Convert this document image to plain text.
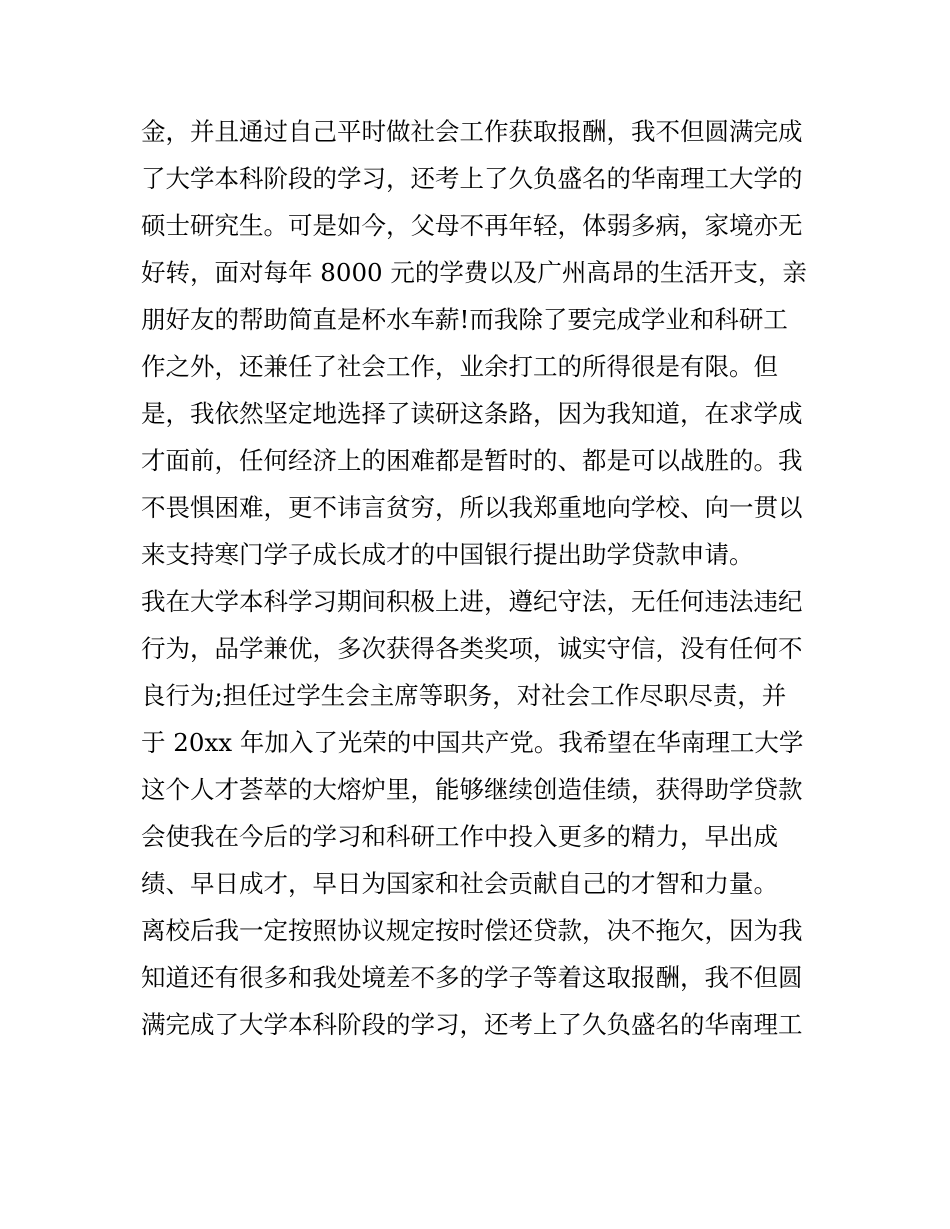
金，并且通过自己平时做社会工作获取报酬，我不但圆满完成
了大学本科阶段的学习，还考上了久负盛名的华南理工大学的
硕士研究生。可是如今，父母不再年轻，体弱多病，家境亦无
好转，面对每年 8000 元的学费以及广州高昂的生活开支，亲
朋好友的帮助简直是杯水车薪!而我除了要完成学业和科研工
作之外，还兼任了社会工作，业余打工的所得很是有限。但
是，我依然坚定地选择了读研这条路，因为我知道，在求学成
才面前，任何经济上的困难都是暂时的、都是可以战胜的。我
不畏惧困难，更不讳言贫穷，所以我郑重地向学校、向一贯以
来支持寒门学子成长成才的中国银行提出助学贷款申请。
我在大学本科学习期间积极上进，遵纪守法，无任何违法违纪
行为，品学兼优，多次获得各类奖项，诚实守信，没有任何不
良行为;担任过学生会主席等职务，对社会工作尽职尽责，并
于 20xx 年加入了光荣的中国共产党。我希望在华南理工大学
这个人才荟萃的大熔炉里，能够继续创造佳绩，获得助学贷款
会使我在今后的学习和科研工作中投入更多的精力，早出成
绩、早日成才，早日为国家和社会贡献自己的才智和力量。
离校后我一定按照协议规定按时偿还贷款，决不拖欠，因为我
知道还有很多和我处境差不多的学子等着这取报酬，我不但圆
满完成了大学本科阶段的学习，还考上了久负盛名的华南理工
